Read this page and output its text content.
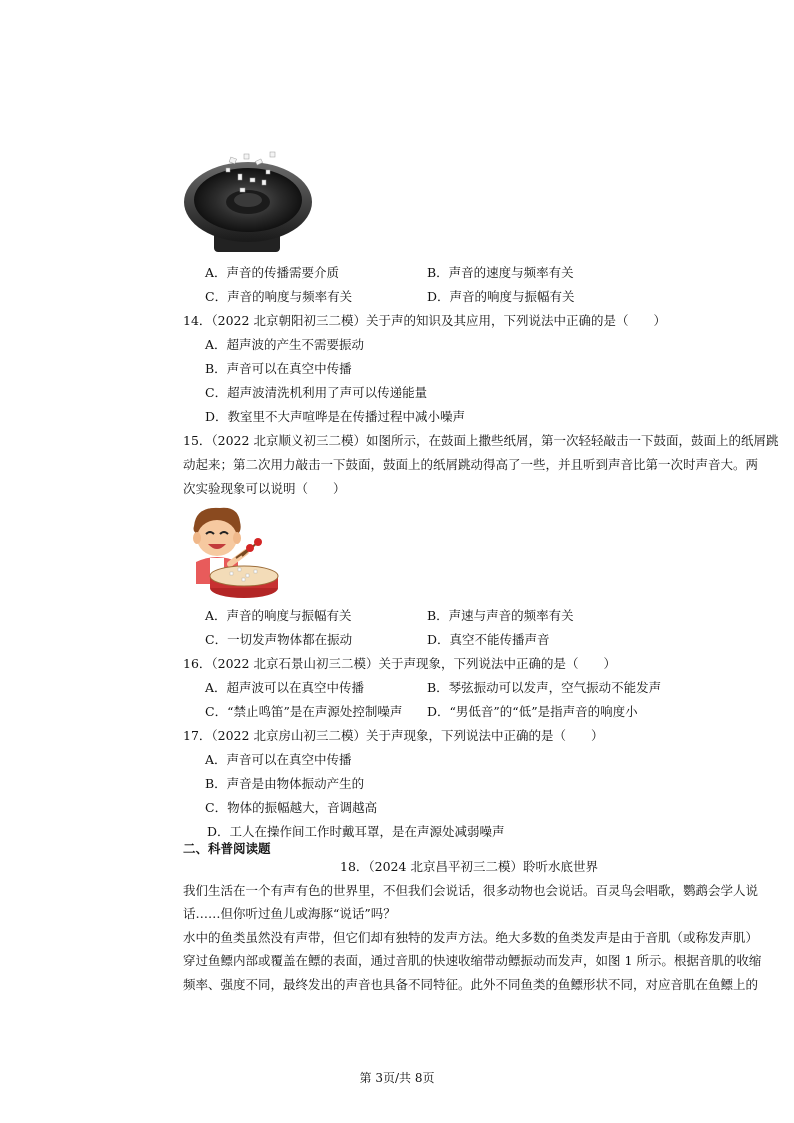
A．声音的传播需要介质	B．声音的速度与频率有关
C．声音的响度与频率有关	D．声音的响度与振幅有关
14．（2022 北京朝阳初三二模）关于声的知识及其应用，下列说法中正确的是（　　）
A．超声波的产生不需要振动
B．声音可以在真空中传播
C．超声波清洗机利用了声可以传递能量
D．教室里不大声喧哗是在传播过程中减小噪声
15．（2022 北京顺义初三二模）如图所示，在鼓面上撒些纸屑，第一次轻轻敲击一下鼓面，鼓面上的纸屑跳
动起来；第二次用力敲击一下鼓面，鼓面上的纸屑跳动得高了一些，并且听到声音比第一次时声音大。两
次实验现象可以说明（　　）
A．声音的响度与振幅有关	B．声速与声音的频率有关
C．一切发声物体都在振动	D．真空不能传播声音
16．（2022 北京石景山初三二模）关于声现象，下列说法中正确的是（　　）
A．超声波可以在真空中传播	B．琴弦振动可以发声，空气振动不能发声
C．“禁止鸣笛”是在声源处控制噪声 D．“男低音”的“低”是指声音的响度小
17．（2022 北京房山初三二模）关于声现象，下列说法中正确的是（　　）
A．声音可以在真空中传播
B．声音是由物体振动产生的
C．物体的振幅越大，音调越高
D．工人在操作间工作时戴耳罩，是在声源处减弱噪声
二、科普阅读题
18．（2024 北京昌平初三二模）聆听水底世界
我们生活在一个有声有色的世界里，不但我们会说话，很多动物也会说话。百灵鸟会唱歌，鹦鹉会学人说
话……但你听过鱼儿或海豚“说话”吗？
水中的鱼类虽然没有声带，但它们却有独特的发声方法。绝大多数的鱼类发声是由于音肌（或称发声肌）
穿过鱼鳔内部或覆盖在鳔的表面，通过音肌的快速收缩带动鳔振动而发声，如图 1 所示。根据音肌的收缩
频率、强度不同，最终发出的声音也具备不同特征。此外不同鱼类的鱼鳔形状不同，对应音肌在鱼鳔上的
第 3页/共 8页
